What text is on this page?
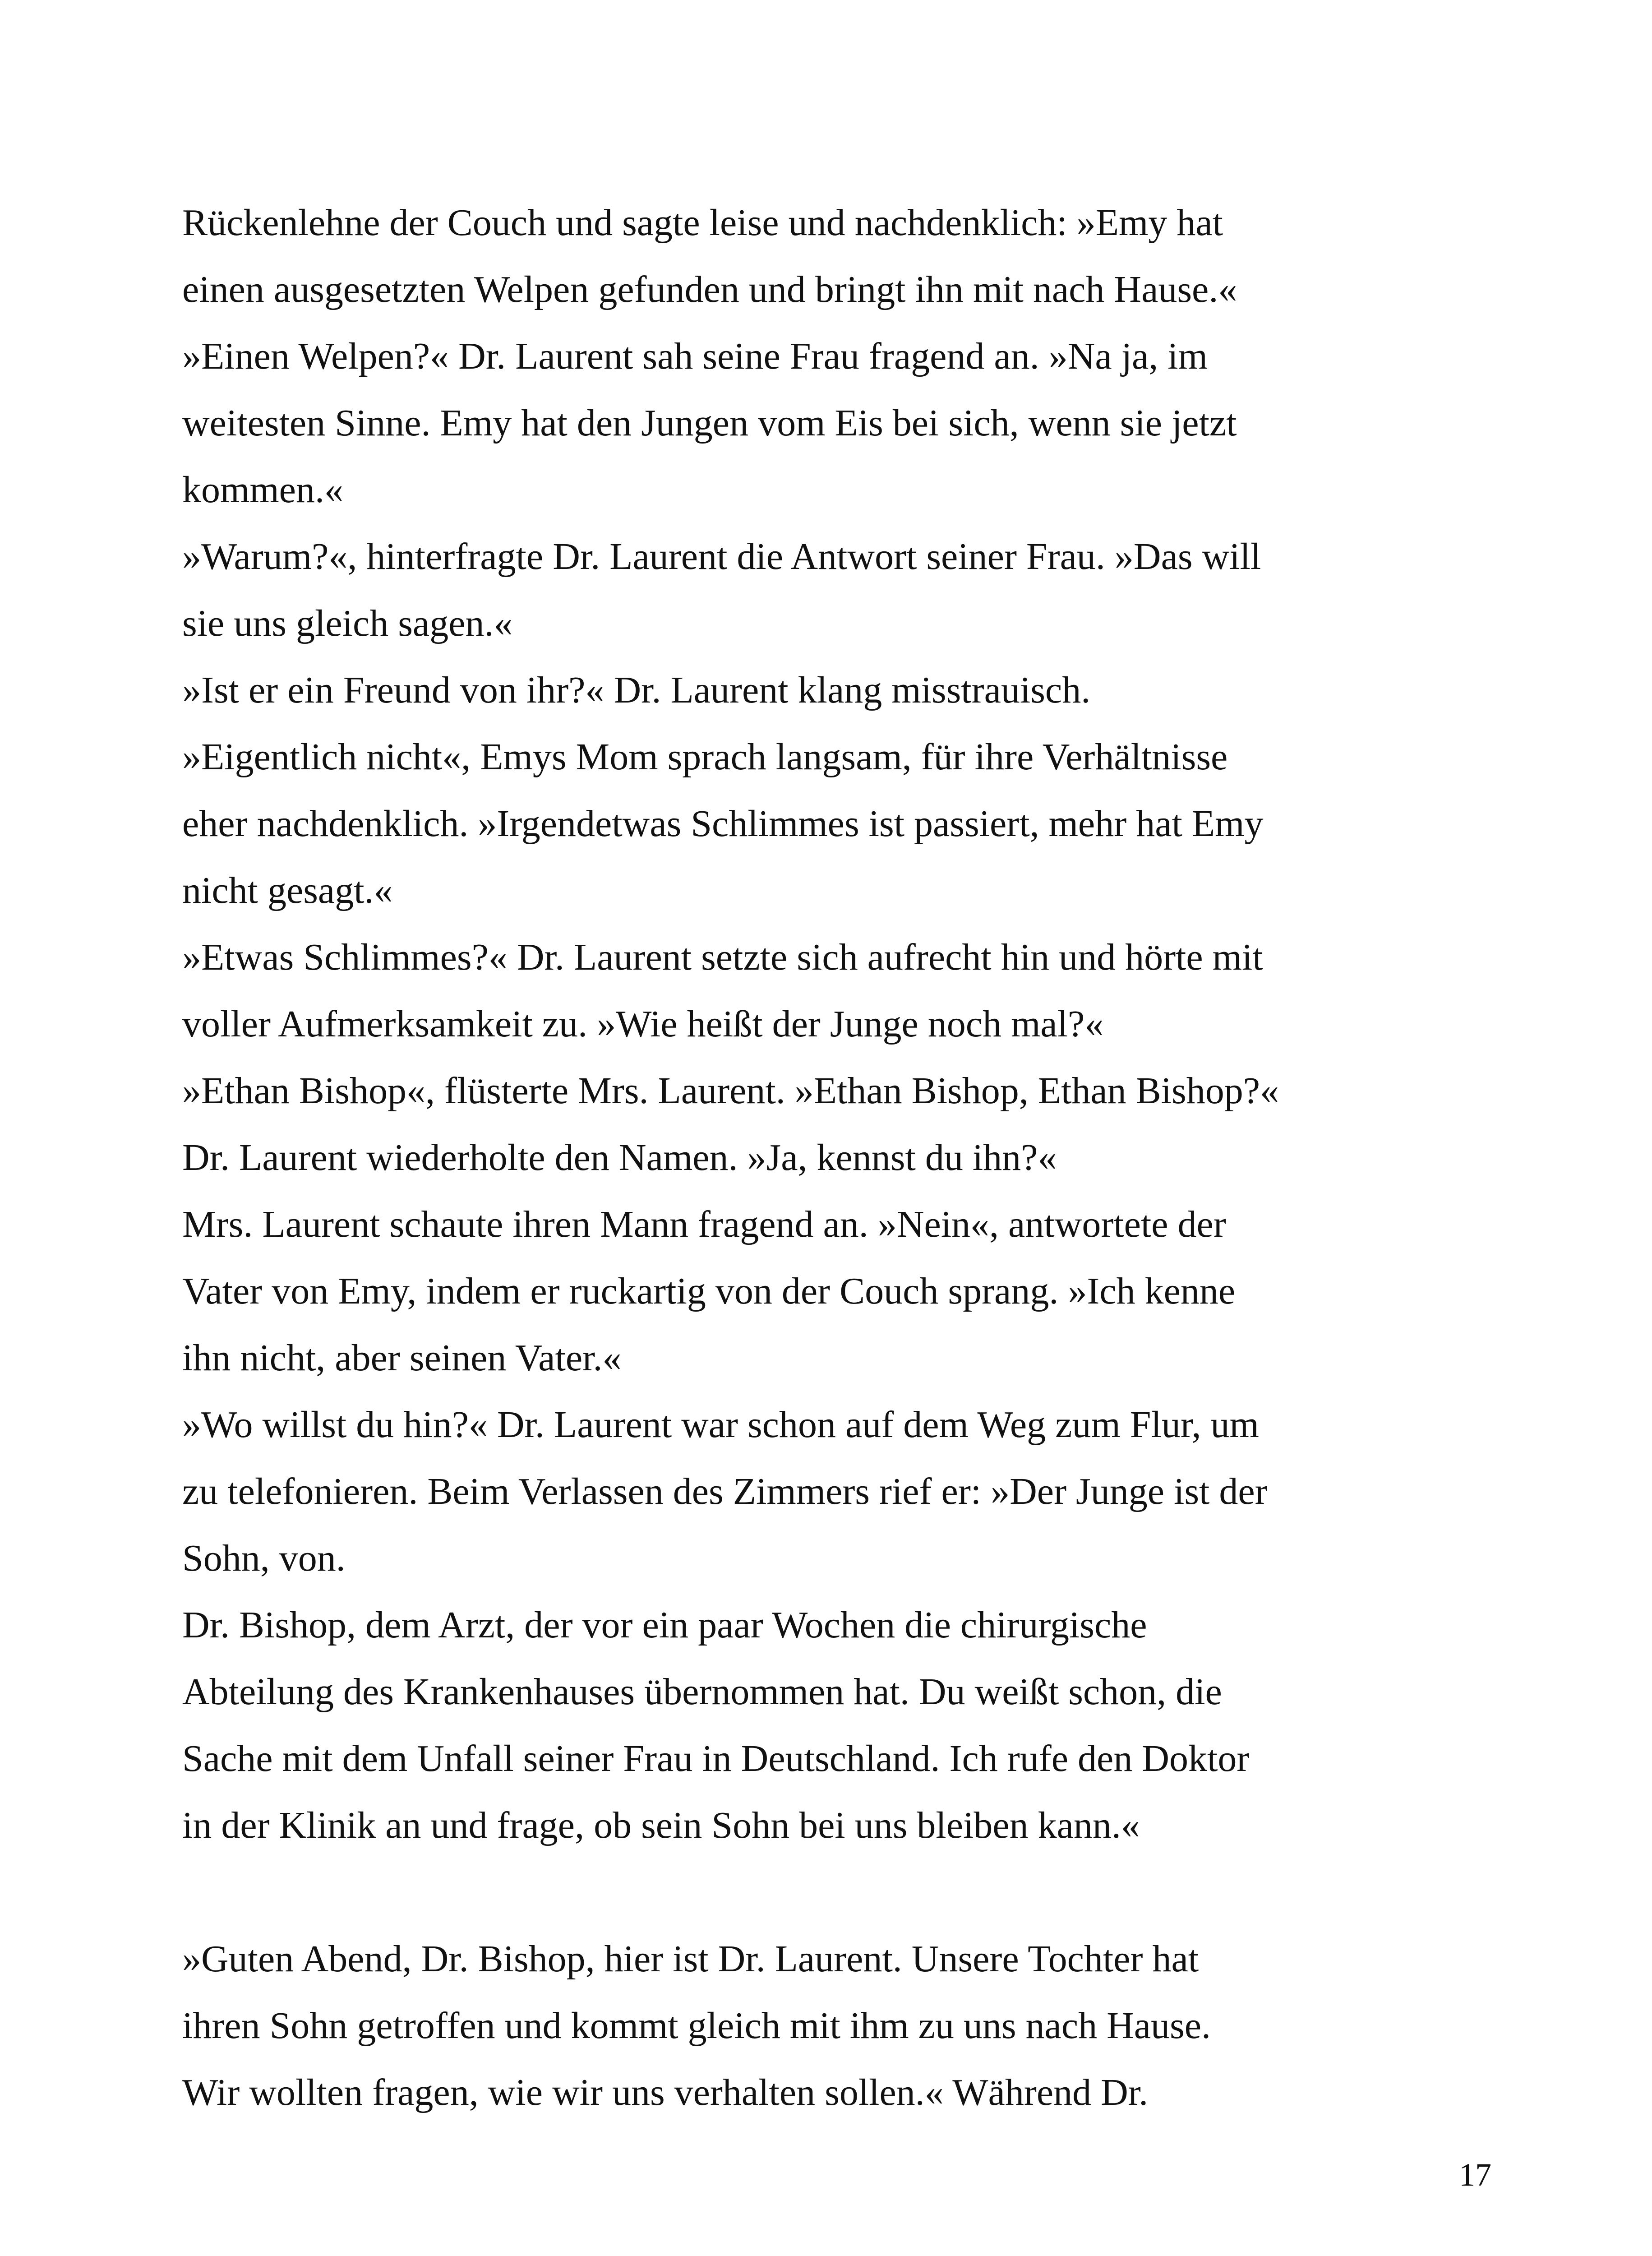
Rückenlehne der Couch und sagte leise und nachdenklich: »Emy hat
einen ausgesetzten Welpen gefunden und bringt ihn mit nach Hause.«
»Einen Welpen?« Dr. Laurent sah seine Frau fragend an. »Na ja, im
weitesten Sinne. Emy hat den Jungen vom Eis bei sich, wenn sie jetzt
kommen.«
»Warum?«, hinterfragte Dr. Laurent die Antwort seiner Frau. »Das will
sie uns gleich sagen.«
»Ist er ein Freund von ihr?« Dr. Laurent klang misstrauisch.
»Eigentlich nicht«, Emys Mom sprach langsam, für ihre Verhältnisse
eher nachdenklich. »Irgendetwas Schlimmes ist passiert, mehr hat Emy
nicht gesagt.«
»Etwas Schlimmes?« Dr. Laurent setzte sich aufrecht hin und hörte mit
voller Aufmerksamkeit zu. »Wie heißt der Junge noch mal?«
»Ethan Bishop«, flüsterte Mrs. Laurent. »Ethan Bishop, Ethan Bishop?«
Dr. Laurent wiederholte den Namen. »Ja, kennst du ihn?«
Mrs. Laurent schaute ihren Mann fragend an. »Nein«, antwortete der
Vater von Emy, indem er ruckartig von der Couch sprang. »Ich kenne
ihn nicht, aber seinen Vater.«
»Wo willst du hin?« Dr. Laurent war schon auf dem Weg zum Flur, um
zu telefonieren. Beim Verlassen des Zimmers rief er: »Der Junge ist der
Sohn, von.
Dr. Bishop, dem Arzt, der vor ein paar Wochen die chirurgische
Abteilung des Krankenhauses übernommen hat. Du weißt schon, die
Sache mit dem Unfall seiner Frau in Deutschland. Ich rufe den Doktor
in der Klinik an und frage, ob sein Sohn bei uns bleiben kann.«
»Guten Abend, Dr. Bishop, hier ist Dr. Laurent. Unsere Tochter hat
ihren Sohn getroffen und kommt gleich mit ihm zu uns nach Hause.
Wir wollten fragen, wie wir uns verhalten sollen.« Während Dr.
17
